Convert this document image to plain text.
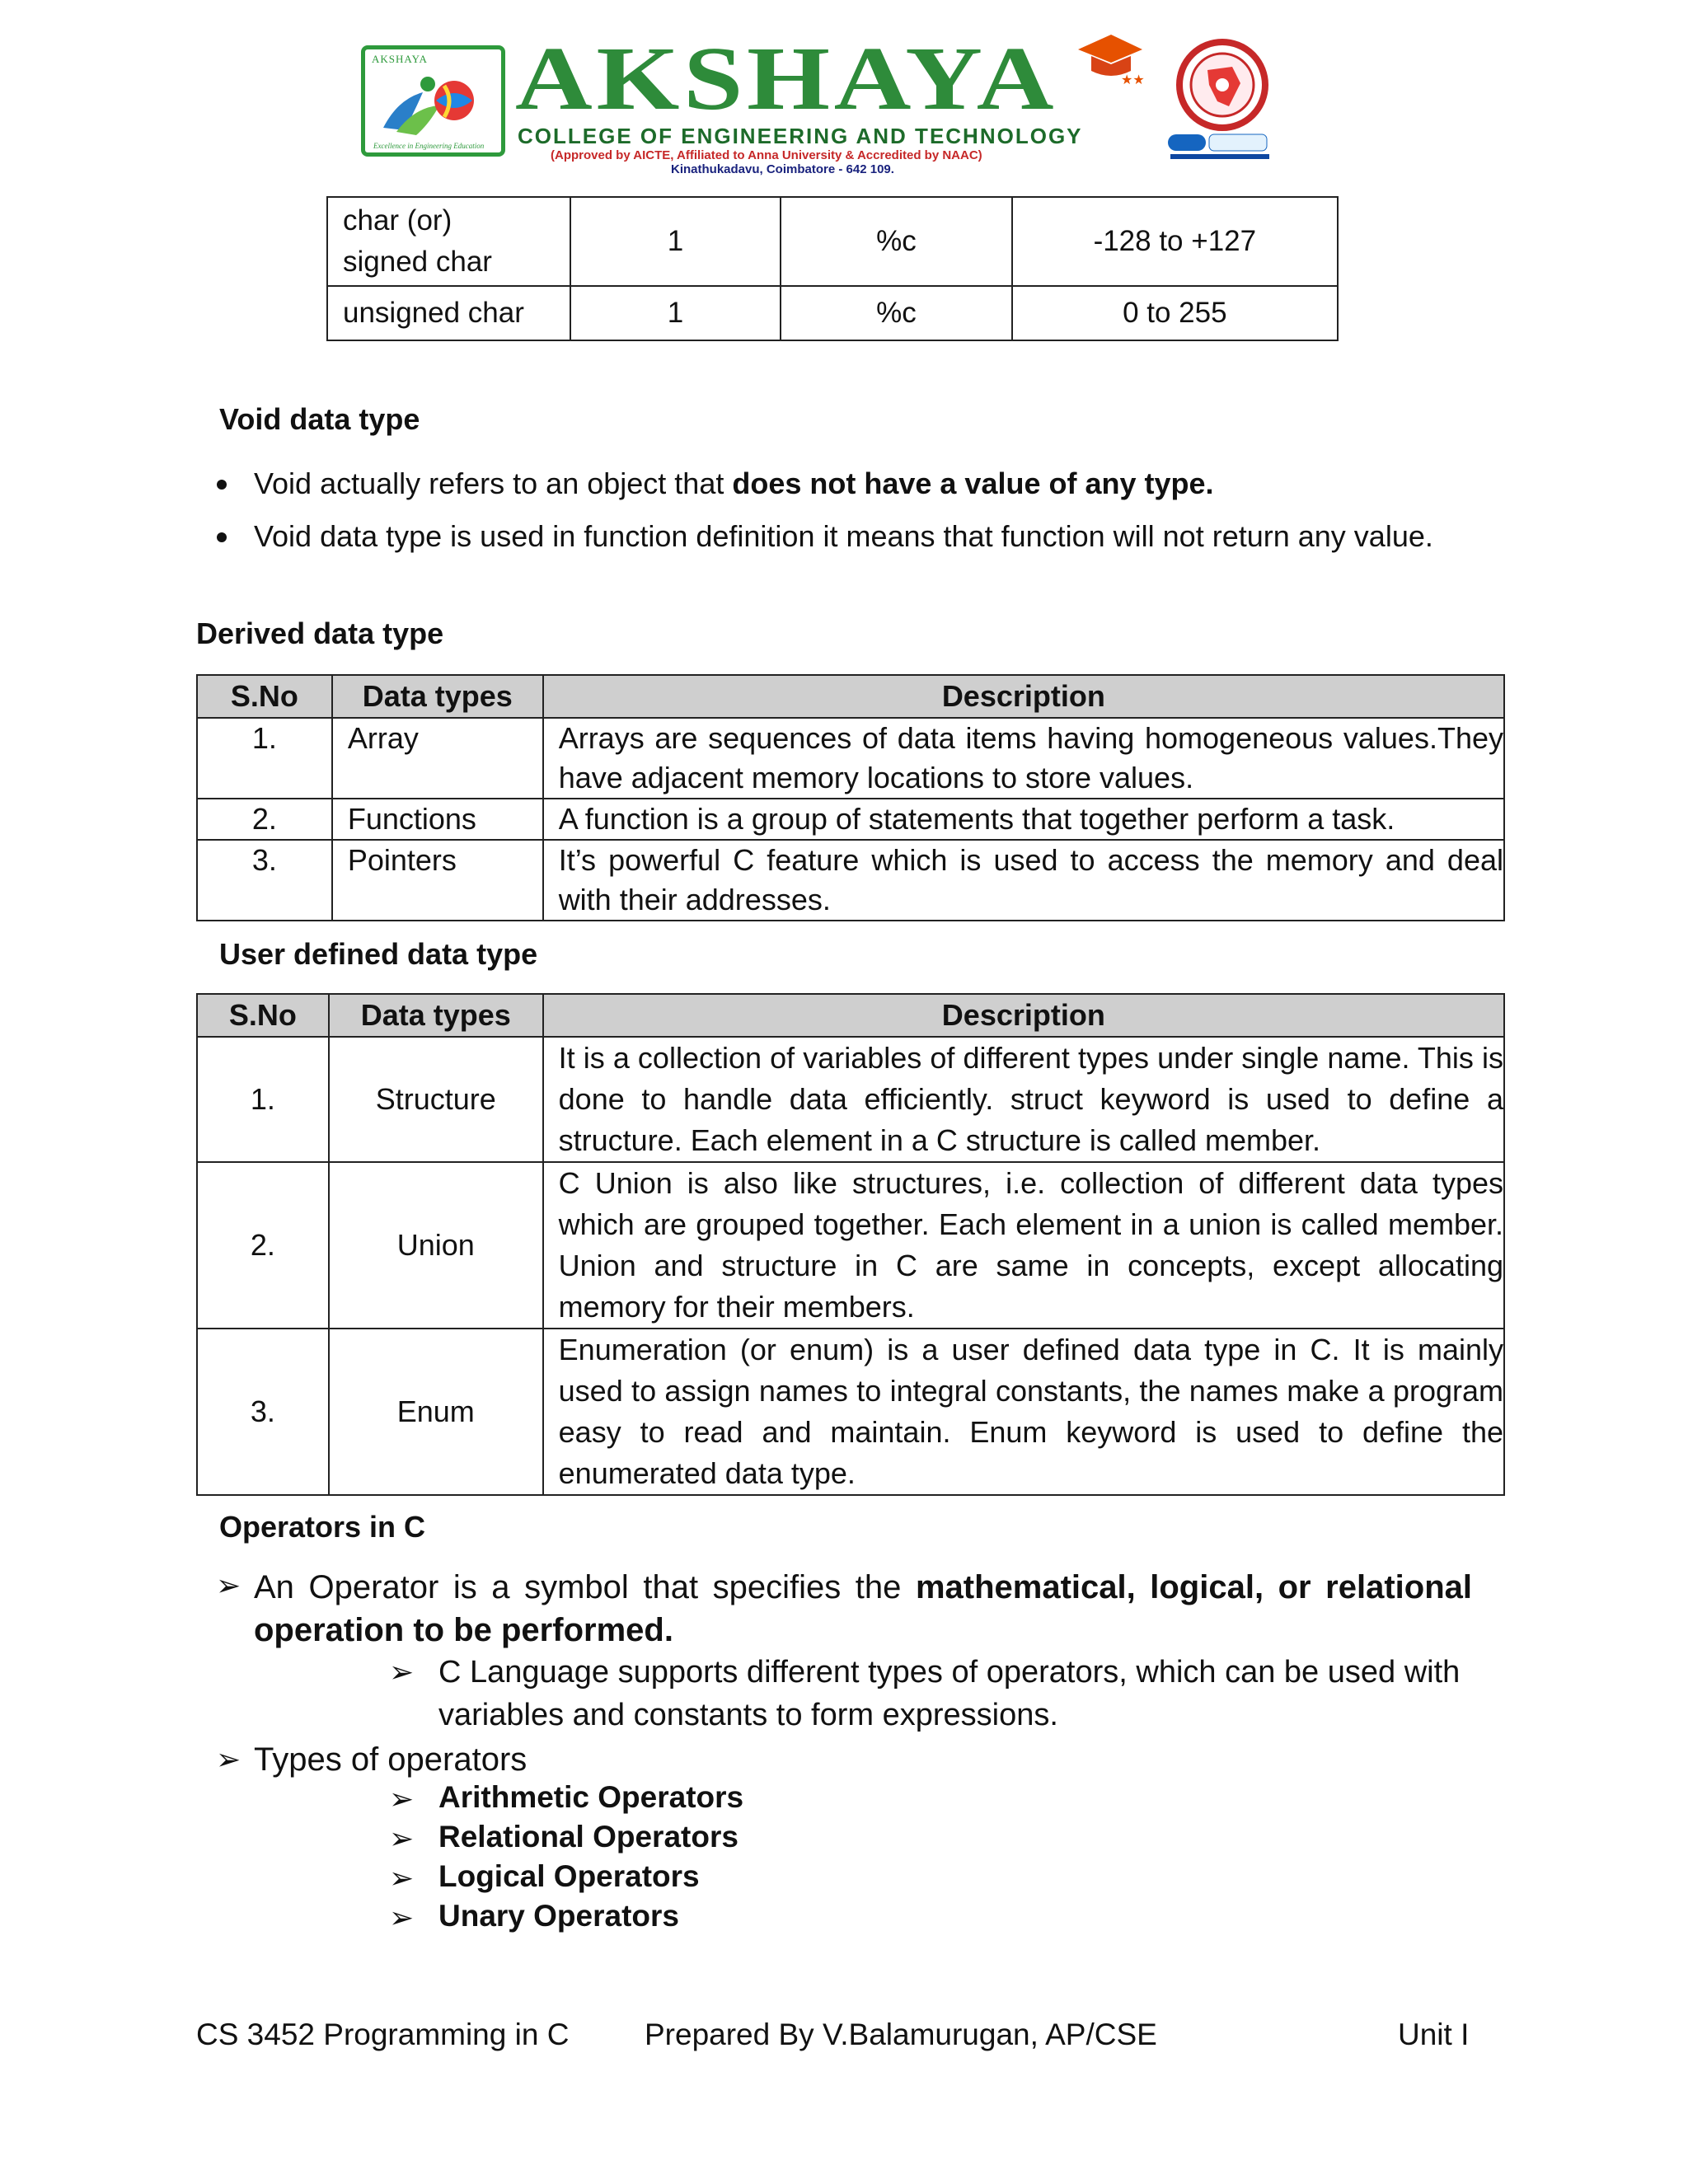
AKSHAYA
Excellence in Engineering Education
AKSHAYA	★★
COLLEGE OF ENGINEERING AND TECHNOLOGY
(Approved by AICTE, Affiliated to Anna University & Accredited by NAAC)
Kinathukadavu, Coimbatore - 642 109.
char (or)
signed char	1	%c	-128 to +127
unsigned char	1	%c	0 to 255
Void data type
Void actually refers to an object that does not have a value of any type.
Void data type is used in function definition it means that function will not return any value.
Derived data type
S.No	Data types	Description
1.	Array	Arrays are sequences of data items having homogeneous values.They have adjacent memory locations to store values.
2.	Functions	A function is a group of statements that together perform a task.
3.	Pointers	It’s powerful C feature which is used to access the memory and deal with their addresses.
User defined data type
S.No	Data types	Description
1.	Structure	It is a collection of variables of different types under single name. This is done to handle data efficiently. struct keyword is used to define a structure. Each element in a C structure is called member.
2.	Union	C Union is also like structures, i.e. collection of different data types which are grouped together. Each element in a union is called member. Union and structure in C are same in concepts, except allocating memory for their members.
3.	Enum	Enumeration (or enum) is a user defined data type in C. It is mainly used to assign names to integral constants, the names make a program easy to read and maintain. Enum keyword is used to define the enumerated data type.
Operators in C
➢ An Operator is a symbol that specifies the mathematical, logical, or relational operation to be performed.
➢ C Language supports different types of operators, which can be used with variables and constants to form expressions.
➢ Types of operators
➢ Arithmetic Operators
➢ Relational Operators
➢ Logical Operators
➢ Unary Operators
CS 3452 Programming in C Prepared By V.Balamurugan, AP/CSE	Unit I
